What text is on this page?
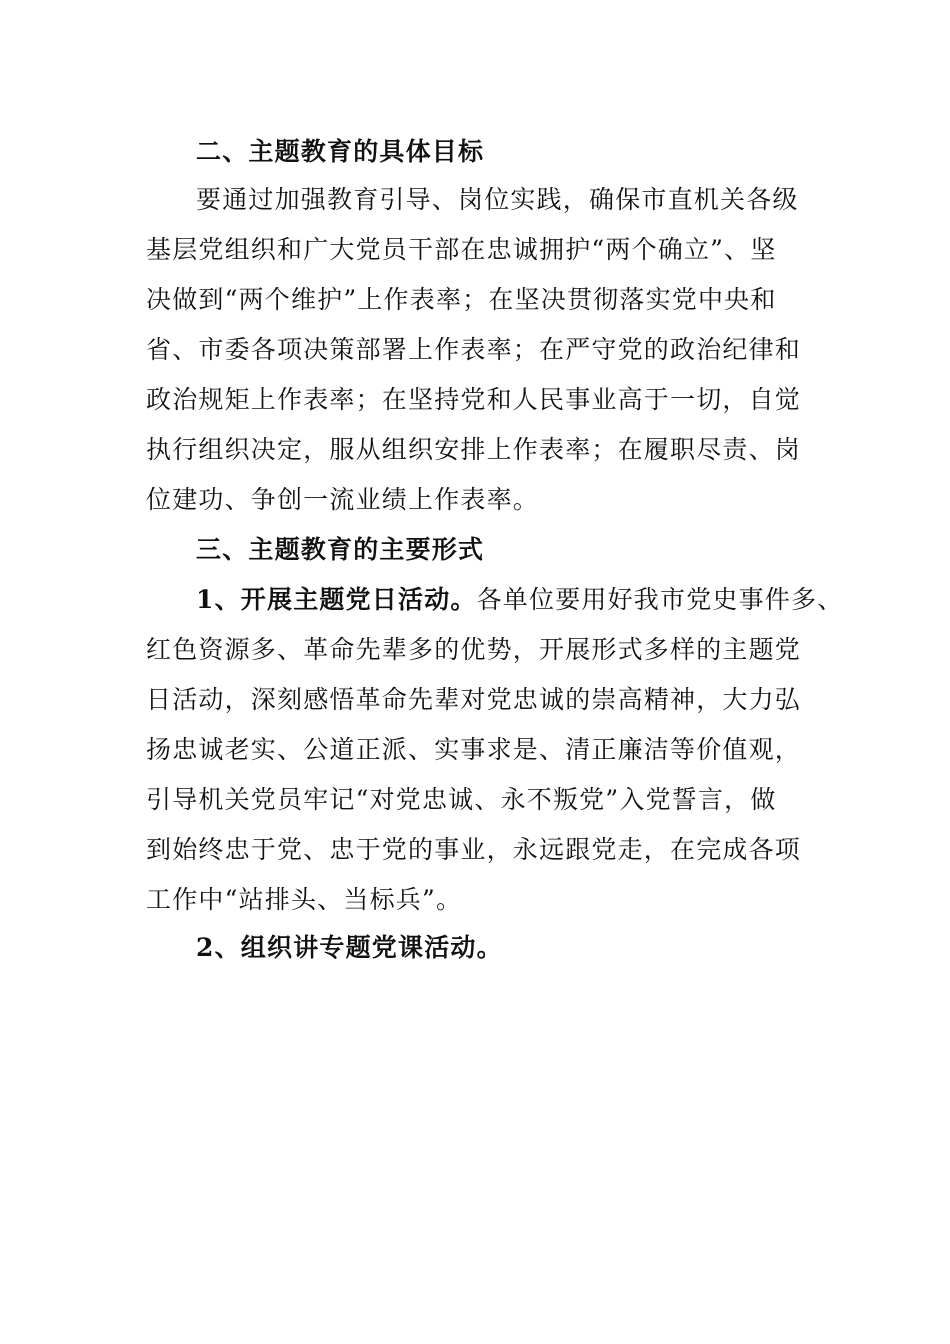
二、主题教育的具体目标
要通过加强教育引导、岗位实践，确保市直机关各级
基层党组织和广大党员干部在忠诚拥护“两个确立”、坚
决做到“两个维护”上作表率；在坚决贯彻落实党中央和
省、市委各项决策部署上作表率；在严守党的政治纪律和
政治规矩上作表率；在坚持党和人民事业高于一切，自觉
执行组织决定，服从组织安排上作表率；在履职尽责、岗
位建功、争创一流业绩上作表率。
三、主题教育的主要形式
1、开展主题党日活动。各单位要用好我市党史事件多、
红色资源多、革命先辈多的优势，开展形式多样的主题党
日活动，深刻感悟革命先辈对党忠诚的崇高精神，大力弘
扬忠诚老实、公道正派、实事求是、清正廉洁等价值观，
引导机关党员牢记“对党忠诚、永不叛党”入党誓言，做
到始终忠于党、忠于党的事业，永远跟党走，在完成各项
工作中“站排头、当标兵”。
2、组织讲专题党课活动。
